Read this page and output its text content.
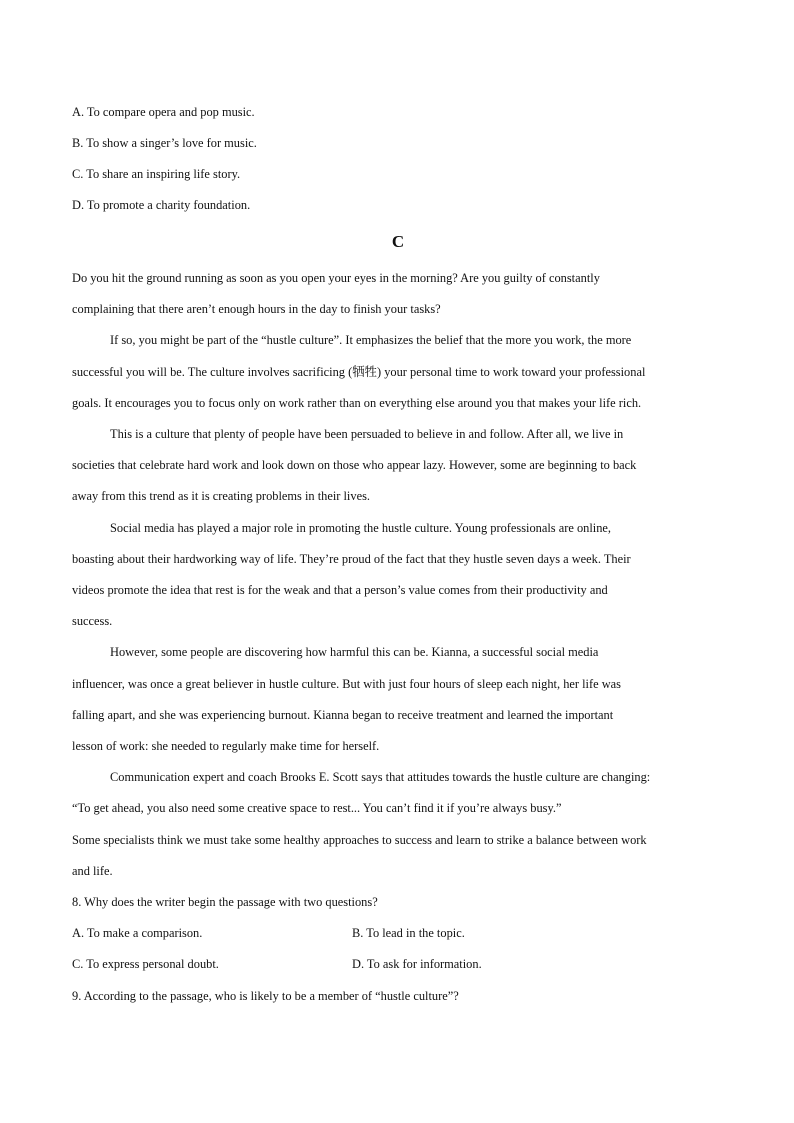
A. To compare opera and pop music.
B. To show a singer’s love for music.
C. To share an inspiring life story.
D. To promote a charity foundation.
C
Do you hit the ground running as soon as you open your eyes in the morning? Are you guilty of constantly
complaining that there aren’t enough hours in the day to finish your tasks?
If so, you might be part of the “hustle culture”. It emphasizes the belief that the more you work, the more
successful you will be. The culture involves sacrificing (牺牲) your personal time to work toward your professional
goals. It encourages you to focus only on work rather than on everything else around you that makes your life rich.
This is a culture that plenty of people have been persuaded to believe in and follow. After all, we live in
societies that celebrate hard work and look down on those who appear lazy. However, some are beginning to back
away from this trend as it is creating problems in their lives.
Social media has played a major role in promoting the hustle culture. Young professionals are online,
boasting about their hardworking way of life. They’re proud of the fact that they hustle seven days a week. Their
videos promote the idea that rest is for the weak and that a person’s value comes from their productivity and
success.
However, some people are discovering how harmful this can be. Kianna, a successful social media
influencer, was once a great believer in hustle culture. But with just four hours of sleep each night, her life was
falling apart, and she was experiencing burnout. Kianna began to receive treatment and learned the important
lesson of work: she needed to regularly make time for herself.
Communication expert and coach Brooks E. Scott says that attitudes towards the hustle culture are changing:
“To get ahead, you also need some creative space to rest... You can’t find it if you’re always busy.”
Some specialists think we must take some healthy approaches to success and learn to strike a balance between work
and life.
8. Why does the writer begin the passage with two questions?
A. To make a comparison.	B. To lead in the topic.
C. To express personal doubt.	D. To ask for information.
9. According to the passage, who is likely to be a member of “hustle culture”?
